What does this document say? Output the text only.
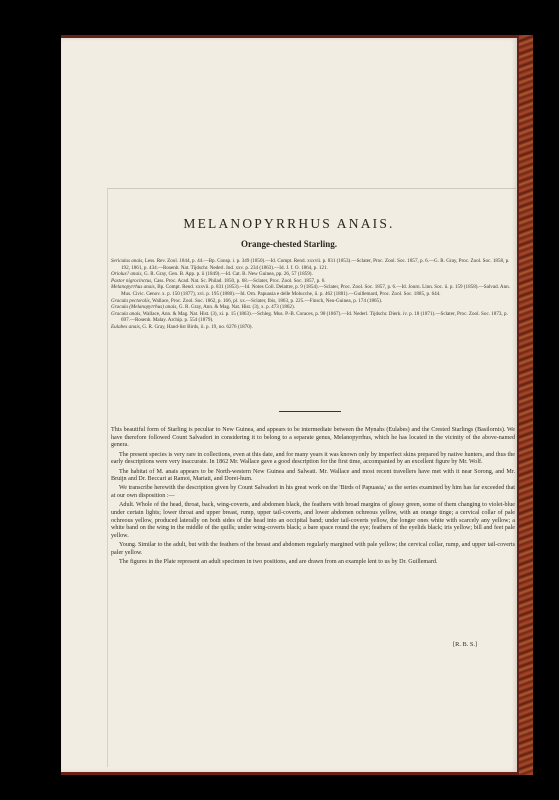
MELANOPYRRHUS ANAIS.
Orange-chested Starling.

Sericulus anais, Less. Rev. Zool. 1844, p. 44.—Bp. Consp. i. p. 349 (1850).—Id. Compt. Rend. xxxvii. p. 831 (1853).—Sclater, Proc. Zool. Soc. 1857, p. 6.—G. R. Gray, Proc. Zool. Soc. 1858, p. 192, 1861, p. 434.—Rosenb. Nat. Tijdschr. Nederl. Ind. xxv. p. 234 (1863).—Id. J. f. O. 1864, p. 121.

Oriolus? anais, G. R. Gray, Gen. B. App. p. ii (1849).—Id. Cat. B. New Guinea, pp. 26, 57 (1859).

Pastor nigrocinctus, Cass. Proc. Acad. Nat. Sc. Philad. 1850, p. 68.—Sclater, Proc. Zool. Soc. 1857, p. 6.

Melanopyrrhus anais, Bp. Compt. Rend. xxxvii. p. 831 (1853).—Id. Notes Coll. Delattre, p. 9 (1854).—Sclater, Proc. Zool. Soc. 1857, p. 6.—Id. Journ. Linn. Soc. ii. p. 159 (1858).—Salvad. Ann. Mus. Civic. Genov. x. p. 150 (1877), xvi. p. 195 (1880).—Id. Orn. Papuasia e delle Molucche, ii. p. 462 (1881).—Guillemard, Proc. Zool. Soc. 1885, p. 644.

Gracula pectoralis, Wallace, Proc. Zool. Soc. 1862, p. 166, pl. xx.—Sclater, Ibis, 1863, p. 225.—Finsch, Neu-Guinea, p. 174 (1865).

Gracula (Melanopyrrhus) anais, G. R. Gray, Ann. & Mag. Nat. Hist. (3), x. p. 473 (1862).

Gracula anais, Wallace, Ann. & Mag. Nat. Hist. (3), xi. p. 15 (1863).—Schleg. Mus. P.-B. Coraces, p. 98 (1867).—Id. Nederl. Tijdschr. Dierk. iv. p. 18 (1871).—Sclater, Proc. Zool. Soc. 1873, p. 697.—Rosenb. Malay. Archip. p. 554 (1879).

Eulabes anais, G. R. Gray, Hand-list Birds, ii. p. 19, no. 6276 (1870).

This beautiful form of Starling is peculiar to New Guinea, and appears to be intermediate between the Mynahs (Eulabes) and the Crested Starlings (Basilornis). We have therefore followed Count Salvadori in considering it to belong to a separate genus, Melanopyrrhus, which he has located in the vicinity of the above-named genera.

The present species is very rare in collections, even at this date, and for many years it was known only by imperfect skins prepared by native hunters, and thus the early descriptions were very inaccurate. In 1862 Mr. Wallace gave a good description for the first time, accompanied by an excellent figure by Mr. Wolf.

The habitat of M. anais appears to be North-western New Guinea and Salwati. Mr. Wallace and most recent travellers have met with it near Sorong, and Mr. Bruijn and Dr. Beccari at Ramoi, Mariati, and Dorei-hum.

We transcribe herewith the description given by Count Salvadori in his great work on the 'Birds of Papuasia,' as the series examined by him has far exceeded that at our own disposition :—

Adult. Whole of the head, throat, back, wing-coverts, and abdomen black, the feathers with broad margins of glossy green, some of them changing to violet-blue under certain lights; lower throat and upper breast, rump, upper tail-coverts, and lower abdomen ochreous yellow, with an orange tinge; a cervical collar of pale ochreous yellow, produced laterally on both sides of the head into an occipital band; under tail-coverts yellow, the longer ones white with scarcely any yellow; a white band on the wing in the middle of the quills; under wing-coverts black; a bare space round the eye; feathers of the eyelids black; iris yellow; bill and feet pale yellow.

Young. Similar to the adult, but with the feathers of the breast and abdomen regularly margined with pale yellow; the cervical collar, rump, and upper tail-coverts paler yellow.

The figures in the Plate represent an adult specimen in two positions, and are drawn from an example lent to us by Dr. Guillemard.

[R. B. S.]
